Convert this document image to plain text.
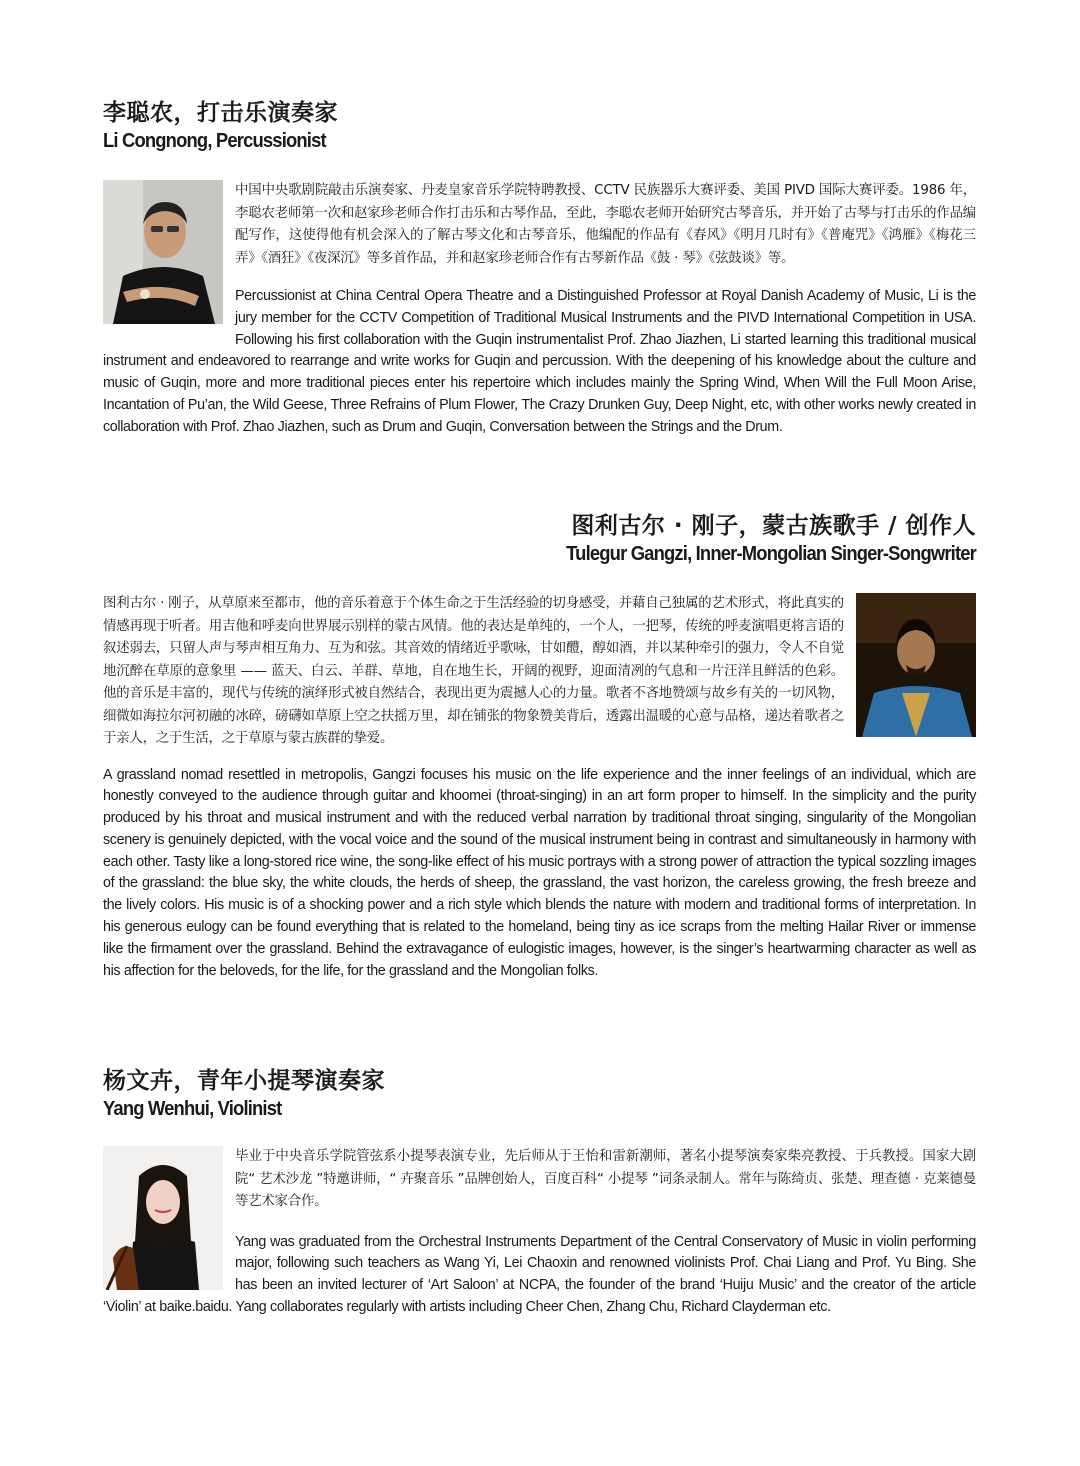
李聪农，打击乐演奏家
Li Congnong, Percussionist

中国中央歌剧院敲击乐演奏家、丹麦皇家音乐学院特聘教授、CCTV 民族器乐大赛评委、美国 PIVD 国际大赛评委。1986 年，李聪农老师第一次和赵家珍老师合作打击乐和古琴作品，至此，李聪农老师开始研究古琴音乐，并开始了古琴与打击乐的作品编配写作，这使得他有机会深入的了解古琴文化和古琴音乐，他编配的作品有《春风》《明月几时有》《普庵咒》《鸿雁》《梅花三弄》《酒狂》《夜深沉》等多首作品，并和赵家珍老师合作有古琴新作品《鼓 · 琴》《弦鼓谈》等。

Percussionist at China Central Opera Theatre and a Distinguished Professor at Royal Danish Academy of Music, Li is the jury member for the CCTV Competition of Traditional Musical Instruments and the PIVD International Competition in USA. Following his first collaboration with the Guqin instrumentalist Prof. Zhao Jiazhen, Li started learning this traditional musical instrument and endeavored to rearrange and write works for Guqin and percussion. With the deepening of his knowledge about the culture and music of Guqin, more and more traditional pieces enter his repertoire which includes mainly the Spring Wind, When Will the Full Moon Arise, Incantation of Pu’an, the Wild Geese, Three Refrains of Plum Flower, The Crazy Drunken Guy, Deep Night, etc, with other works newly created in collaboration with Prof. Zhao Jiazhen, such as Drum and Guqin, Conversation between the Strings and the Drum.

图利古尔 · 刚子，蒙古族歌手 / 创作人
Tulegur Gangzi, Inner-Mongolian Singer-Songwriter

图利古尔 · 刚子，从草原来至都市，他的音乐着意于个体生命之于生活经验的切身感受，并藉自己独属的艺术形式，将此真实的情感再现于听者。用吉他和呼麦向世界展示别样的蒙古风情。他的表达是单纯的，一个人，一把琴，传统的呼麦演唱更将言语的叙述弱去，只留人声与琴声相互角力、互为和弦。其音效的情绪近乎歌咏，甘如醴，醇如酒，并以某种牵引的强力，令人不自觉地沉醉在草原的意象里 —— 蓝天、白云、羊群、草地，自在地生长，开阔的视野，迎面清冽的气息和一片汪洋且鲜活的色彩。他的音乐是丰富的，现代与传统的演绎形式被自然结合，表现出更为震撼人心的力量。歌者不吝地赞颂与故乡有关的一切风物，细微如海拉尔河初融的冰碎，磅礴如草原上空之扶摇万里，却在铺张的物象赞美背后，透露出温暖的心意与品格，递达着歌者之于亲人，之于生活，之于草原与蒙古族群的挚爱。

A grassland nomad resettled in metropolis, Gangzi focuses his music on the life experience and the inner feelings of an individual, which are honestly conveyed to the audience through guitar and khoomei (throat-singing) in an art form proper to himself. In the simplicity and the purity produced by his throat and musical instrument and with the reduced verbal narration by traditional throat singing, singularity of the Mongolian scenery is genuinely depicted, with the vocal voice and the sound of the musical instrument being in contrast and simultaneously in harmony with each other. Tasty like a long-stored rice wine, the song-like effect of his music portrays with a strong power of attraction the typical sozzling images of the grassland: the blue sky, the white clouds, the herds of sheep, the grassland, the vast horizon, the careless growing, the fresh breeze and the lively colors. His music is of a shocking power and a rich style which blends the nature with modern and traditional forms of interpretation. In his generous eulogy can be found everything that is related to the homeland, being tiny as ice scraps from the melting Hailar River or immense like the firmament over the grassland. Behind the extravagance of eulogistic images, however, is the singer’s heartwarming character as well as his affection for the beloveds, for the life, for the grassland and the Mongolian folks.

杨文卉，青年小提琴演奏家
Yang Wenhui, Violinist

毕业于中央音乐学院管弦系小提琴表演专业，先后师从于王怡和雷新潮师，著名小提琴演奏家柴亮教授、于兵教授。国家大剧院“ 艺术沙龙 ”特邀讲师，“ 卉聚音乐 ”品牌创始人，百度百科“ 小提琴 ”词条录制人。常年与陈绮贞、张楚、理查德 · 克莱德曼等艺术家合作。

Yang was graduated from the Orchestral Instruments Department of the Central Conservatory of Music in violin performing major, following such teachers as Wang Yi, Lei Chaoxin and renowned violinists Prof. Chai Liang and Prof. Yu Bing. She has been an invited lecturer of ‘Art Saloon’ at NCPA, the founder of the brand ‘Huiju Music’ and the creator of the article ‘Violin’ at baike.baidu. Yang collaborates regularly with artists including Cheer Chen, Zhang Chu, Richard Clayderman etc.
